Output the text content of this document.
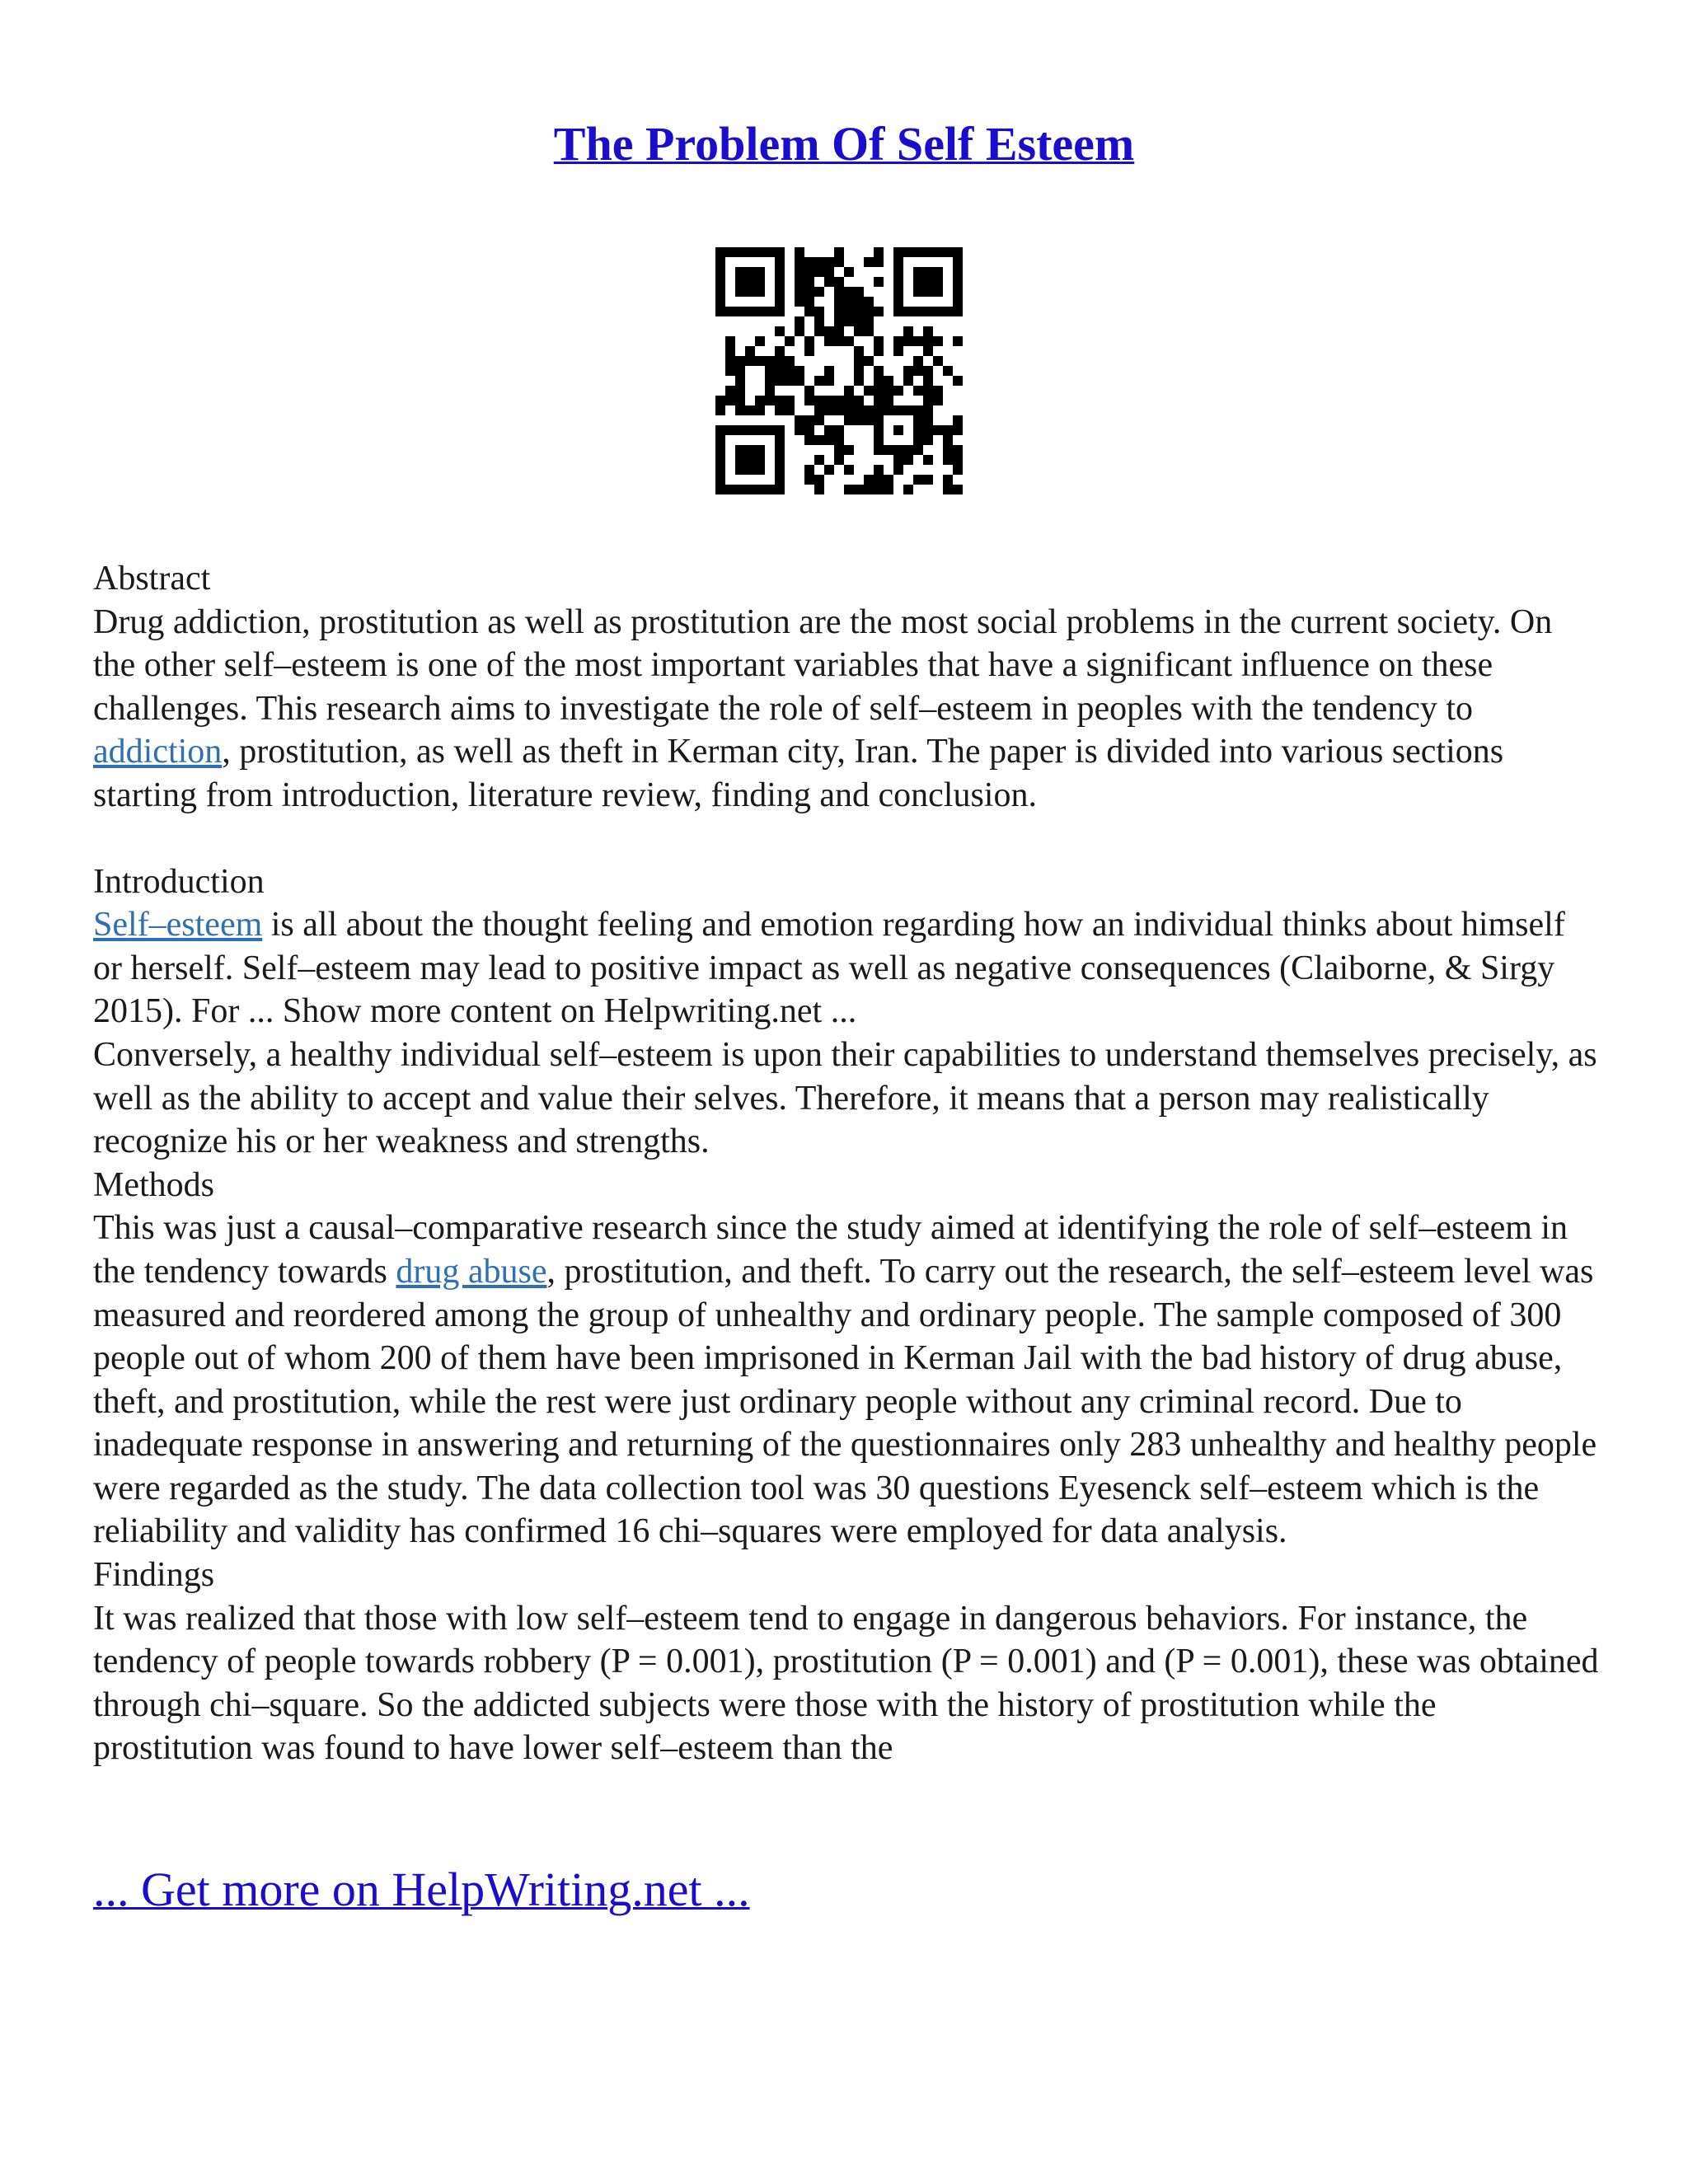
The Problem Of Self Esteem

Abstract

Drug addiction, prostitution as well as prostitution are the most social problems in the current society. On the other self–esteem is one of the most important variables that have a significant influence on these challenges. This research aims to investigate the role of self–esteem in peoples with the tendency to addiction, prostitution, as well as theft in Kerman city, Iran. The paper is divided into various sections starting from introduction, literature review, finding and conclusion.

Introduction

Self–esteem is all about the thought feeling and emotion regarding how an individual thinks about himself or herself. Self–esteem may lead to positive impact as well as negative consequences (Claiborne, & Sirgy 2015). For ... Show more content on Helpwriting.net ...

Conversely, a healthy individual self–esteem is upon their capabilities to understand themselves precisely, as well as the ability to accept and value their selves. Therefore, it means that a person may realistically recognize his or her weakness and strengths.

Methods

This was just a causal–comparative research since the study aimed at identifying the role of self–esteem in the tendency towards drug abuse, prostitution, and theft. To carry out the research, the self–esteem level was measured and reordered among the group of unhealthy and ordinary people. The sample composed of 300 people out of whom 200 of them have been imprisoned in Kerman Jail with the bad history of drug abuse, theft, and prostitution, while the rest were just ordinary people without any criminal record. Due to inadequate response in answering and returning of the questionnaires only 283 unhealthy and healthy people were regarded as the study. The data collection tool was 30 questions Eyesenck self–esteem which is the reliability and validity has confirmed 16 chi–squares were employed for data analysis.

Findings

It was realized that those with low self–esteem tend to engage in dangerous behaviors. For instance, the tendency of people towards robbery (P = 0.001), prostitution (P = 0.001) and (P = 0.001), these was obtained through chi–square. So the addicted subjects were those with the history of prostitution while the prostitution was found to have lower self–esteem than the

... Get more on HelpWriting.net ...
